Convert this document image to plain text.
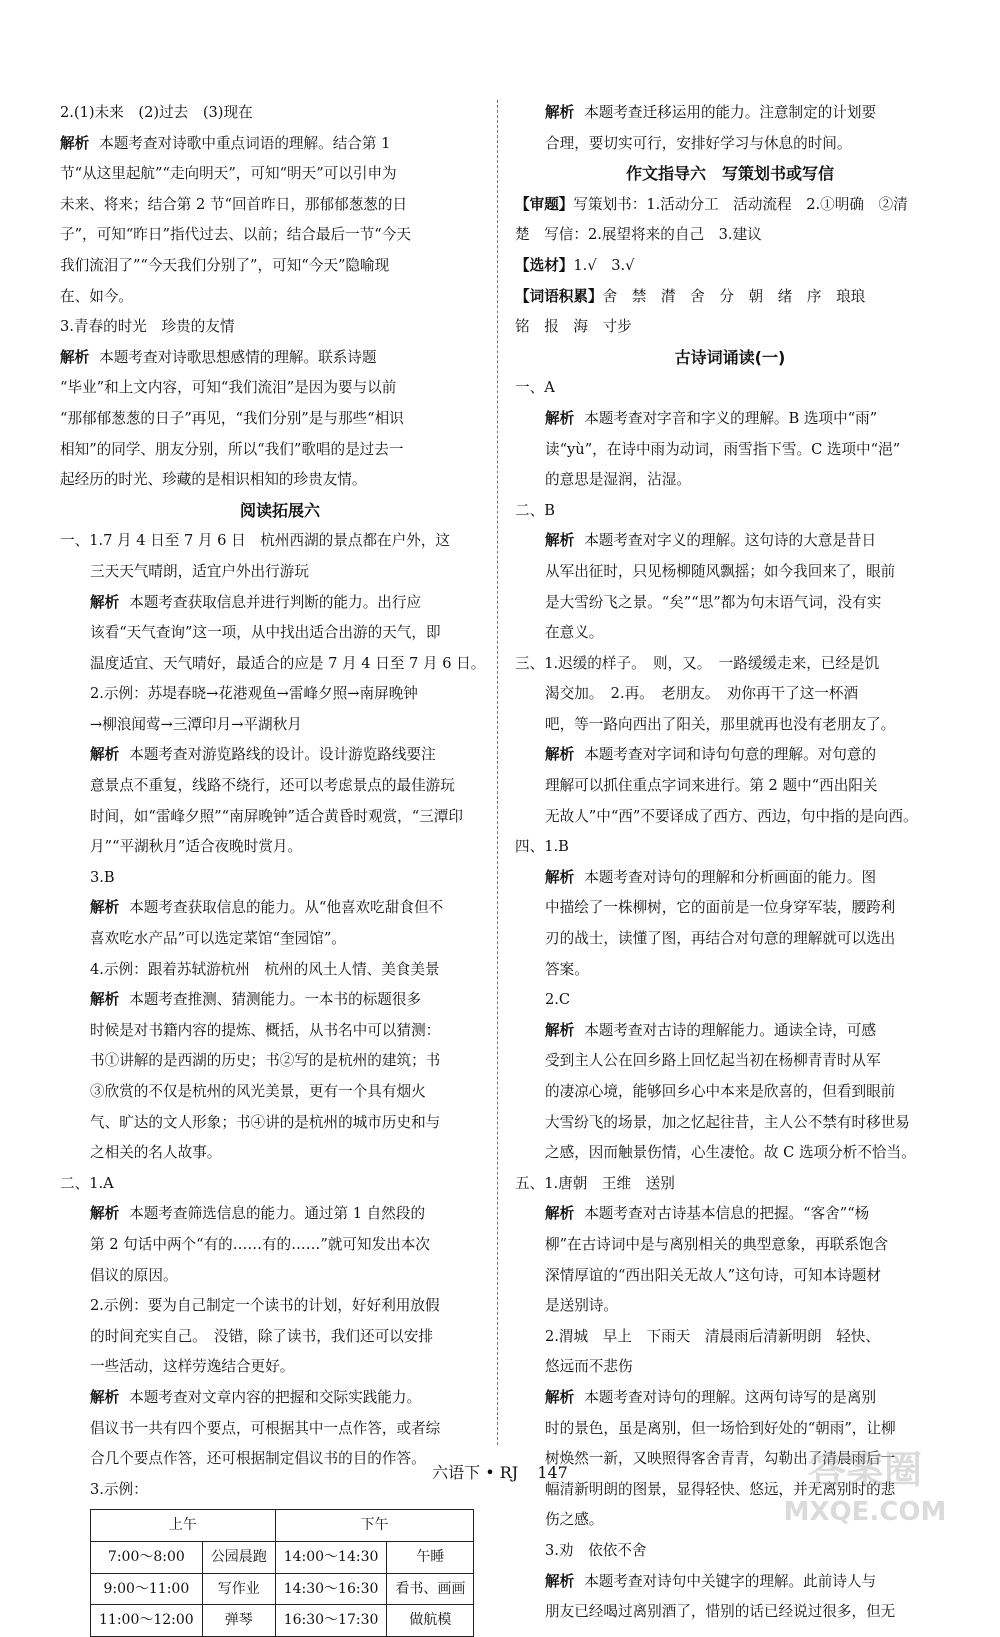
2.(1)未来　(2)过去　(3)现在
解析 本题考查对诗歌中重点词语的理解。结合第 1
节“从这里起航”“走向明天”，可知“明天”可以引申为
未来、将来；结合第 2 节“回首昨日，那郁郁葱葱的日
子”，可知“昨日”指代过去、以前；结合最后一节“今天
我们流泪了”“今天我们分别了”，可知“今天”隐喻现
在、如今。
3.青春的时光　珍贵的友情
解析 本题考查对诗歌思想感情的理解。联系诗题
“毕业”和上文内容，可知“我们流泪”是因为要与以前
“那郁郁葱葱的日子”再见，“我们分别”是与那些“相识
相知”的同学、朋友分别，所以“我们”歌唱的是过去一
起经历的时光、珍藏的是相识相知的珍贵友情。
阅读拓展六
一、1.7 月 4 日至 7 月 6 日　杭州西湖的景点都在户外，这
三天天气晴朗，适宜户外出行游玩
解析 本题考查获取信息并进行判断的能力。出行应
该看“天气查询”这一项，从中找出适合出游的天气，即
温度适宜、天气晴好，最适合的应是 7 月 4 日至 7 月 6 日。
2.示例：苏堤春晓→花港观鱼→雷峰夕照→南屏晚钟
→柳浪闻莺→三潭印月→平湖秋月
解析 本题考查对游览路线的设计。设计游览路线要注
意景点不重复，线路不绕行，还可以考虑景点的最佳游玩
时间，如“雷峰夕照”“南屏晚钟”适合黄昏时观赏，“三潭印
月”“平湖秋月”适合夜晚时赏月。
3.B
解析 本题考查获取信息的能力。从“他喜欢吃甜食但不
喜欢吃水产品”可以选定菜馆“奎园馆”。
4.示例：跟着苏轼游杭州　杭州的风土人情、美食美景
解析 本题考查推测、猜测能力。一本书的标题很多
时候是对书籍内容的提炼、概括，从书名中可以猜测：
书①讲解的是西湖的历史；书②写的是杭州的建筑；书
③欣赏的不仅是杭州的风光美景，更有一个具有烟火
气、旷达的文人形象；书④讲的是杭州的城市历史和与
之相关的名人故事。
二、1.A
解析 本题考查筛选信息的能力。通过第 1 自然段的
第 2 句话中两个“有的……有的……”就可知发出本次
倡议的原因。
2.示例：要为自己制定一个读书的计划，好好利用放假
的时间充实自己。　没错，除了读书，我们还可以安排
一些活动，这样劳逸结合更好。
解析 本题考查对文章内容的把握和交际实践能力。
倡议书一共有四个要点，可根据其中一点作答，或者综
合几个要点作答，还可根据制定倡议书的目的作答。
3.示例：
上午		下午	
7:00～8:00	公园晨跑	14:00～14:30	午睡
9:00～11:00	写作业	14:30～16:30	看书、画画
11:00～12:00	弹琴	16:30～17:30	做航模
解析 本题考查迁移运用的能力。注意制定的计划要
合理，要切实可行，安排好学习与休息的时间。
作文指导六　写策划书或写信
【审题】写策划书：1.活动分工　活动流程　2.①明确　②清
楚　写信：2.展望将来的自己　3.建议
【选材】1.√　3.√
【词语积累】舍　禁　潸　舍　分　朝　绪　序　琅琅
铭　报　海　寸步
古诗词诵读(一)
一、A
解析 本题考查对字音和字义的理解。B 选项中“雨”
读“yù”，在诗中雨为动词，雨雪指下雪。C 选项中“浥”
的意思是湿润，沾湿。
二、B
解析 本题考查对字义的理解。这句诗的大意是昔日
从军出征时，只见杨柳随风飘摇；如今我回来了，眼前
是大雪纷飞之景。“矣”“思”都为句末语气词，没有实
在意义。
三、1.迟缓的样子。　则，又。　一路缓缓走来，已经是饥
渴交加。　2.再。　老朋友。　劝你再干了这一杯酒
吧，等一路向西出了阳关，那里就再也没有老朋友了。
解析 本题考查对字词和诗句句意的理解。对句意的
理解可以抓住重点字词来进行。第 2 题中“西出阳关
无故人”中“西”不要译成了西方、西边，句中指的是向西。
四、1.B
解析 本题考查对诗句的理解和分析画面的能力。图
中描绘了一株柳树，它的面前是一位身穿军装，腰跨利
刃的战士，读懂了图，再结合对句意的理解就可以选出
答案。
2.C
解析 本题考查对古诗的理解能力。通读全诗，可感
受到主人公在回乡路上回忆起当初在杨柳青青时从军
的凄凉心境，能够回乡心中本来是欣喜的，但看到眼前
大雪纷飞的场景，加之忆起往昔，主人公不禁有时移世易
之感，因而触景伤情，心生凄怆。故 C 选项分析不恰当。
五、1.唐朝　王维　送别
解析 本题考查对古诗基本信息的把握。“客舍”“杨
柳”在古诗词中是与离别相关的典型意象，再联系饱含
深情厚谊的“西出阳关无故人”这句诗，可知本诗题材
是送别诗。
2.渭城　早上　下雨天　清晨雨后清新明朗　轻快、
悠远而不悲伤
解析 本题考查对诗句的理解。这两句诗写的是离别
时的景色，虽是离别，但一场恰到好处的“朝雨”，让柳
树焕然一新，又映照得客舍青青，勾勒出了清晨雨后一
幅清新明朗的图景，显得轻快、悠远，并无离别时的悲
伤之感。
3.劝　依依不舍
解析 本题考查对诗句中关键字的理解。此前诗人与
朋友已经喝过离别酒了，惜别的话已经说过很多，但无
六语下 • RJ 147	答案圈
MXQE.COM
